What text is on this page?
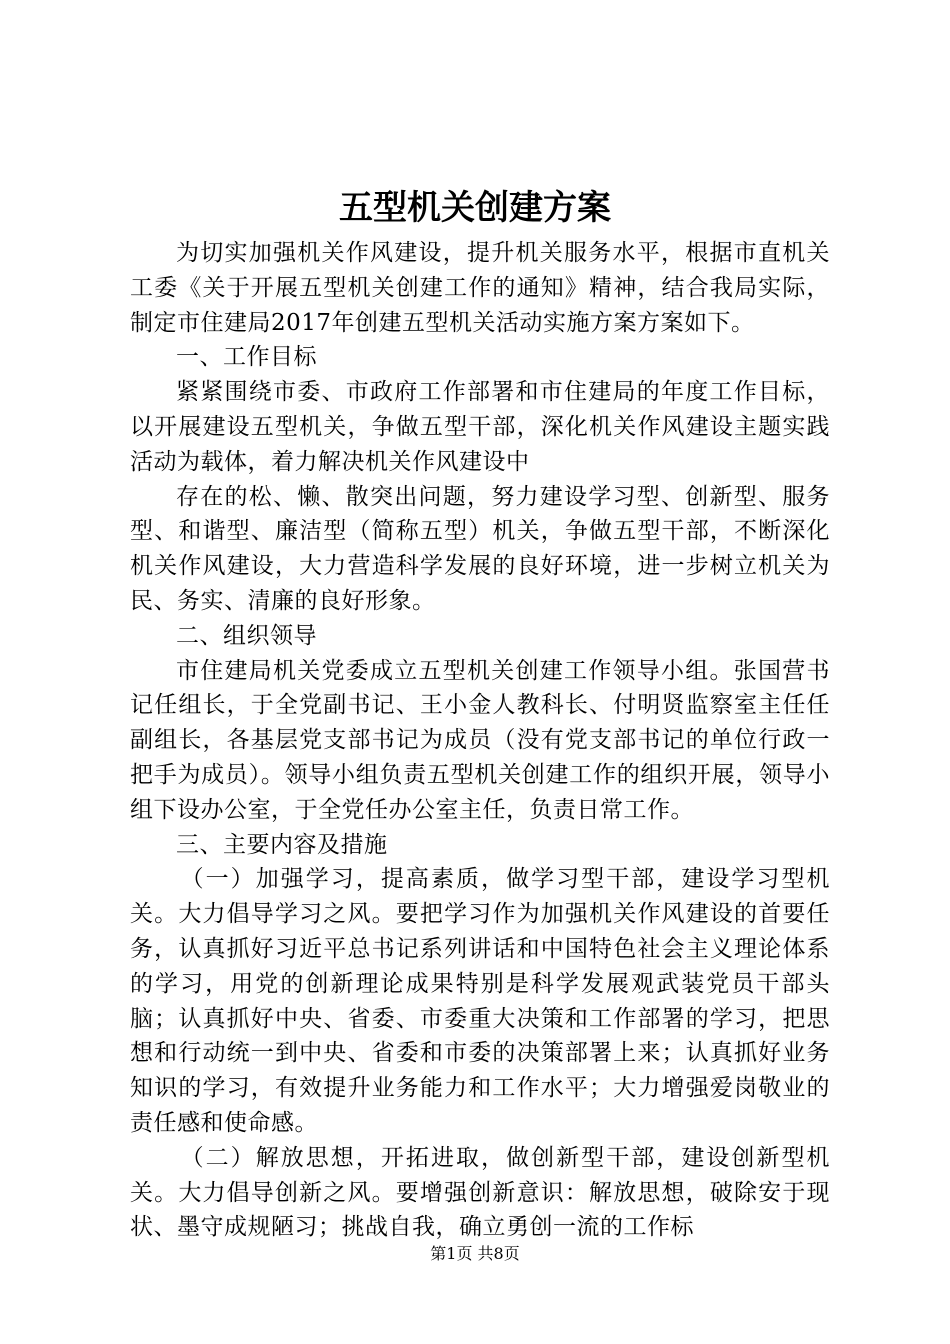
五型机关创建方案

为切实加强机关作风建设，提升机关服务水平，根据市直机关工委《关于开展五型机关创建工作的通知》精神，结合我局实际，制定市住建局2017年创建五型机关活动实施方案方案如下。

一、工作目标

紧紧围绕市委、市政府工作部署和市住建局的年度工作目标，以开展建设五型机关，争做五型干部，深化机关作风建设主题实践活动为载体，着力解决机关作风建设中

存在的松、懒、散突出问题，努力建设学习型、创新型、服务型、和谐型、廉洁型（简称五型）机关，争做五型干部，不断深化机关作风建设，大力营造科学发展的良好环境，进一步树立机关为民、务实、清廉的良好形象。

二、组织领导

市住建局机关党委成立五型机关创建工作领导小组。张国营书记任组长，于全党副书记、王小金人教科长、付明贤监察室主任任副组长，各基层党支部书记为成员（没有党支部书记的单位行政一把手为成员）。领导小组负责五型机关创建工作的组织开展，领导小组下设办公室，于全党任办公室主任，负责日常工作。

三、主要内容及措施

（一）加强学习，提高素质，做学习型干部，建设学习型机关。大力倡导学习之风。要把学习作为加强机关作风建设的首要任务，认真抓好习近平总书记系列讲话和中国特色社会主义理论体系的学习，用党的创新理论成果特别是科学发展观武装党员干部头脑；认真抓好中央、省委、市委重大决策和工作部署的学习，把思想和行动统一到中央、省委和市委的决策部署上来；认真抓好业务知识的学习，有效提升业务能力和工作水平；大力增强爱岗敬业的责任感和使命感。

（二）解放思想，开拓进取，做创新型干部，建设创新型机关。大力倡导创新之风。要增强创新意识：解放思想，破除安于现状、墨守成规陋习；挑战自我，确立勇创一流的工作标

第1页 共8页
